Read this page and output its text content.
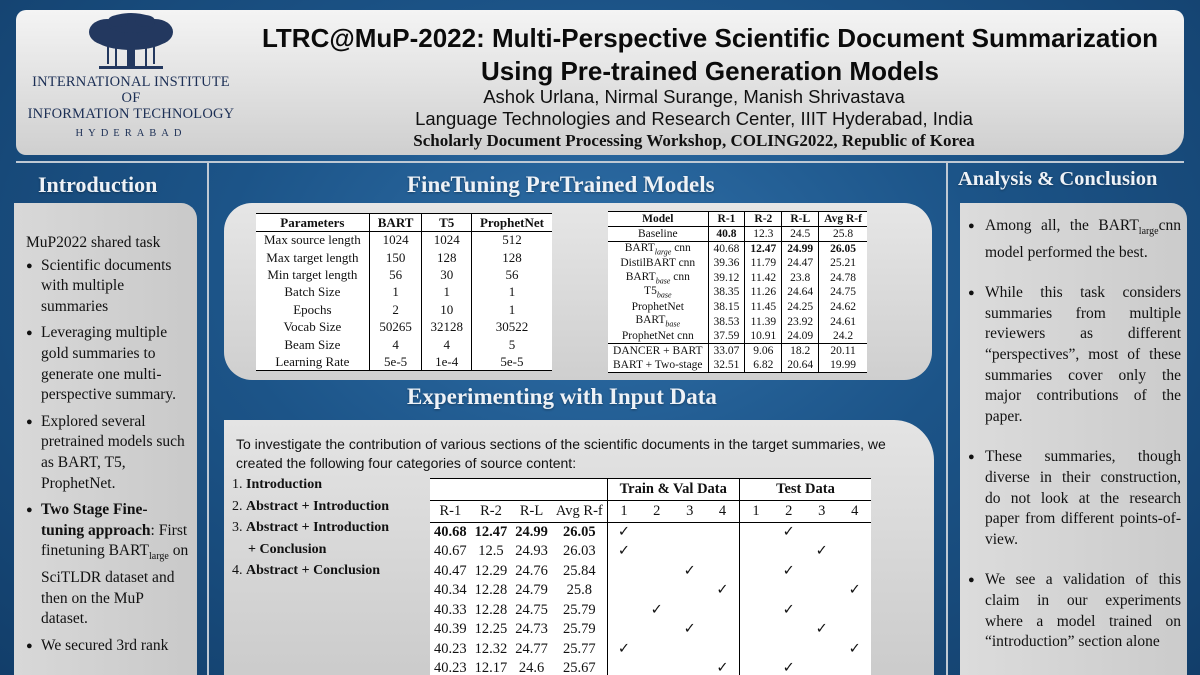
INTERNATIONAL INSTITUTE OF
INFORMATION TECHNOLOGY
HYDERABAD
LTRC@MuP-2022: Multi-Perspective Scientific Document Summarization
Using Pre-trained Generation Models
Ashok Urlana, Nirmal Surange, Manish Shrivastava
Language Technologies and Research Center, IIIT Hyderabad, India
Scholarly Document Processing Workshop, COLING2022, Republic of Korea
Introduction
MuP2022 shared task
● Scientific documents with multiple summaries
● Leveraging multiple gold summaries to generate one multi-perspective summary.
● Explored several pretrained models such as BART, T5, ProphetNet.
● Two Stage Fine-tuning approach: First finetuning $BART_{large}$ on SciTLDR dataset and then on the MuP dataset.
● We secured 3rd rank
FineTuning PreTrained Models
Parameters	BART	T5	ProphetNet
Max source length	1024	1024	512
Max target length	150	128	128
Min target length	56	30	56
Batch Size	1	1	1
Epochs	2	10	1
Vocab Size	50265	32128	30522
Beam Size	4	4	5
Learning Rate	5e-5	1e-4	5e-5
Model	R-1	R-2	R-L	Avg R-f
Baseline	40.8	12.3	24.5	25.8
$BART_{large}$ cnn	40.68	12.47	24.99	26.05
DistilBART cnn	39.36	11.79	24.47	25.21
$BART_{base}$ cnn	39.12	11.42	23.8	24.78
$T5_{base}$	38.35	11.26	24.64	24.75
ProphetNet	38.15	11.45	24.25	24.62
$BART_{base}$	38.53	11.39	23.92	24.61
ProphetNet cnn	37.59	10.91	24.09	24.2
DANCER + BART	33.07	9.06	18.2	20.11
BART + Two-stage	32.51	6.82	20.64	19.99
Experimenting with Input Data
To investigate the contribution of various sections of the scientific documents in the target summaries, we created the following four categories of source content:
1. Introduction
2. Abstract + Introduction
3. Abstract + Introduction
+ Conclusion
4. Abstract + Conclusion
				Train & Val Data				Test Data			
R-1	R-2	R-L	Avg R-f	1	2	3	4	1	2	3	4
40.68	12.47	24.99	26.05	✓					✓		
40.67	12.5	24.93	26.03	✓						✓	
40.47	12.29	24.76	25.84			✓			✓		
40.34	12.28	24.79	25.8				✓				✓
40.33	12.28	24.75	25.79		✓				✓		
40.39	12.25	24.73	25.79			✓				✓	
40.23	12.32	24.77	25.77	✓							✓
40.23	12.17	24.6	25.67				✓		✓		
Analysis & Conclusion
● Among all, the $BART_{large}cnn$ model performed the best.
● While this task considers summaries from multiple reviewers as different “perspectives”, most of these summaries cover only the major contributions of the paper.
● These summaries, though diverse in their construction, do not look at the research paper from different points-of-view.
● We see a validation of this claim in our experiments where a model trained on “introduction” section alone
